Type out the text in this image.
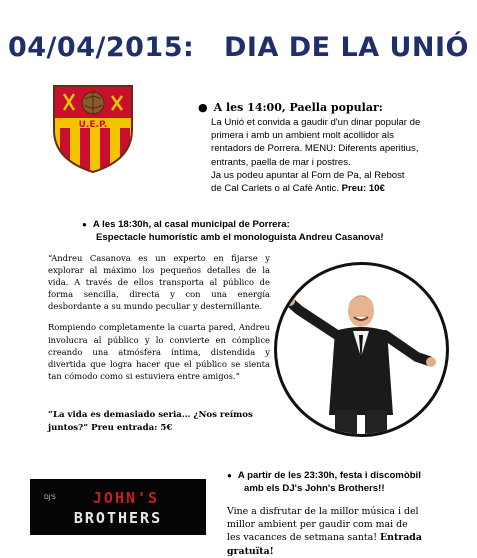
04/04/2015:   DIA DE LA UNIÓ
U.E.P.
● A les 14:00, Paella popular:
La Unió et convida a gaudir d'un dinar popular de
primera i amb un ambient molt acollidor als
rentadors de Porrera. MENU: Diferents aperitius,
entrants, paella de mar i postres.
Ja us podeu apuntar al Forn de Pa, al Rebost
de Cal Carlets o al Cafè Antic. Preu: 10€
● A les 18:30h, al casal municipal de Porrera:
Espectacle humorístic amb el monologuista Andreu Casanova!

“Andreu Casanova es un experto en fijarse y explorar al máximo los pequeños detalles de la vida. A través de ellos transporta al público de forma sencilla, directa y con una energía desbordante a su mundo peculiar y desternillante.

Rompiendo completamente la cuarta pared, Andreu involucra al público y lo convierte en cómplice creando una atmósfera íntima, distendida y divertida que logra hacer que el público se sienta tan cómodo como si estuviera entre amigos.”

“La vida es demasiado seria… ¿Nos reímos juntos?” Preu entrada: 5€
● A partir de les 23:30h, festa i discomòbil
amb els DJ's John's Brothers!!
Vine a disfrutar de la millor música i del
millor ambient per gaudir com mai de
les vacances de setmana santa! Entrada
gratuïta!
DJ'S JOHN'S
BROTHERS
